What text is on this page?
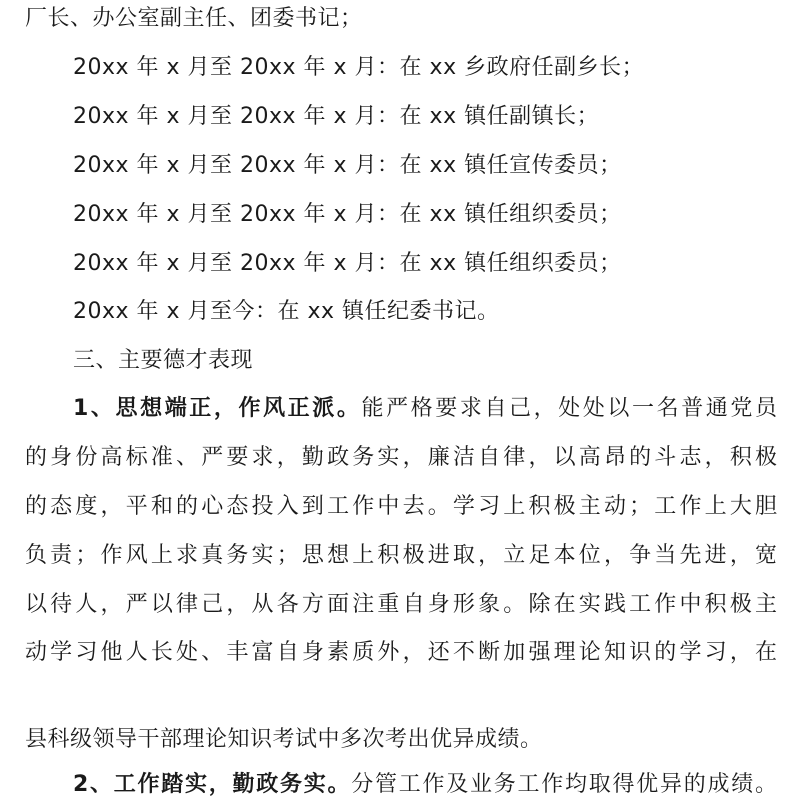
厂长、办公室副主任、团委书记；
20xx 年 x 月至 20xx 年 x 月：在 xx 乡政府任副乡长；
20xx 年 x 月至 20xx 年 x 月：在 xx 镇任副镇长；
20xx 年 x 月至 20xx 年 x 月：在 xx 镇任宣传委员；
20xx 年 x 月至 20xx 年 x 月：在 xx 镇任组织委员；
20xx 年 x 月至 20xx 年 x 月：在 xx 镇任组织委员；
20xx 年 x 月至今：在 xx 镇任纪委书记。
三、主要德才表现
1、思想端正，作风正派。能严格要求自己，处处以一名普通党员
的身份高标准、严要求，勤政务实，廉洁自律，以高昂的斗志，积极
的态度，平和的心态投入到工作中去。学习上积极主动；工作上大胆
负责；作风上求真务实；思想上积极进取，立足本位，争当先进，宽
以待人，严以律己，从各方面注重自身形象。除在实践工作中积极主
动学习他人长处、丰富自身素质外，还不断加强理论知识的学习，在
县科级领导干部理论知识考试中多次考出优异成绩。
2、工作踏实，勤政务实。分管工作及业务工作均取得优异的成绩。
